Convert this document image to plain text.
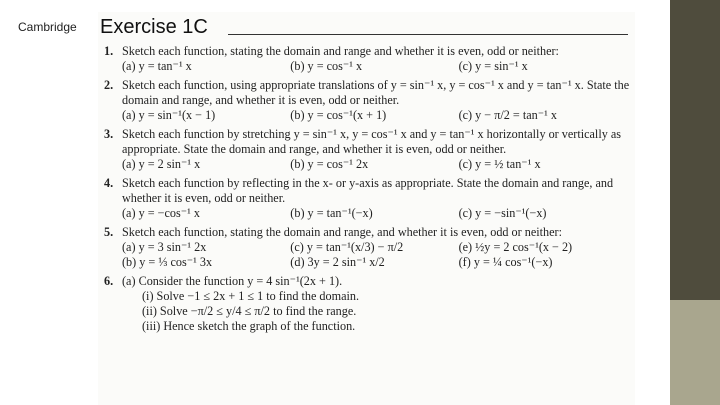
Cambridge Exercise 1C
1. Sketch each function, stating the domain and range and whether it is even, odd or neither:
(a) y = tan⁻¹ x	(b) y = cos⁻¹ x	(c) y = sin⁻¹ x
2. Sketch each function, using appropriate translations of y = sin⁻¹ x, y = cos⁻¹ x and y = tan⁻¹ x. State the domain and range, and whether it is even, odd or neither.
(a) y = sin⁻¹(x − 1)	(b) y = cos⁻¹(x + 1)	(c) y − π/2 = tan⁻¹ x
3. Sketch each function by stretching y = sin⁻¹ x, y = cos⁻¹ x and y = tan⁻¹ x horizontally or vertically as appropriate. State the domain and range, and whether it is even, odd or neither.
(a) y = 2 sin⁻¹ x	(b) y = cos⁻¹ 2x	(c) y = ½ tan⁻¹ x
4. Sketch each function by reflecting in the x- or y-axis as appropriate. State the domain and range, and whether it is even, odd or neither.
(a) y = −cos⁻¹ x	(b) y = tan⁻¹(−x)	(c) y = −sin⁻¹(−x)
5. Sketch each function, stating the domain and range, and whether it is even, odd or neither:
(a) y = 3 sin⁻¹ 2x	(c) y = tan⁻¹(x/3) − π/2	(e) ½y = 2 cos⁻¹(x − 2)
(b) y = ⅓ cos⁻¹ 3x	(d) 3y = 2 sin⁻¹ x/2	(f) y = ¼ cos⁻¹(−x)
6. (a) Consider the function y = 4 sin⁻¹(2x + 1).
(i) Solve −1 ≤ 2x + 1 ≤ 1 to find the domain.
(ii) Solve −π/2 ≤ y/4 ≤ π/2 to find the range.
(iii) Hence sketch the graph of the function.
